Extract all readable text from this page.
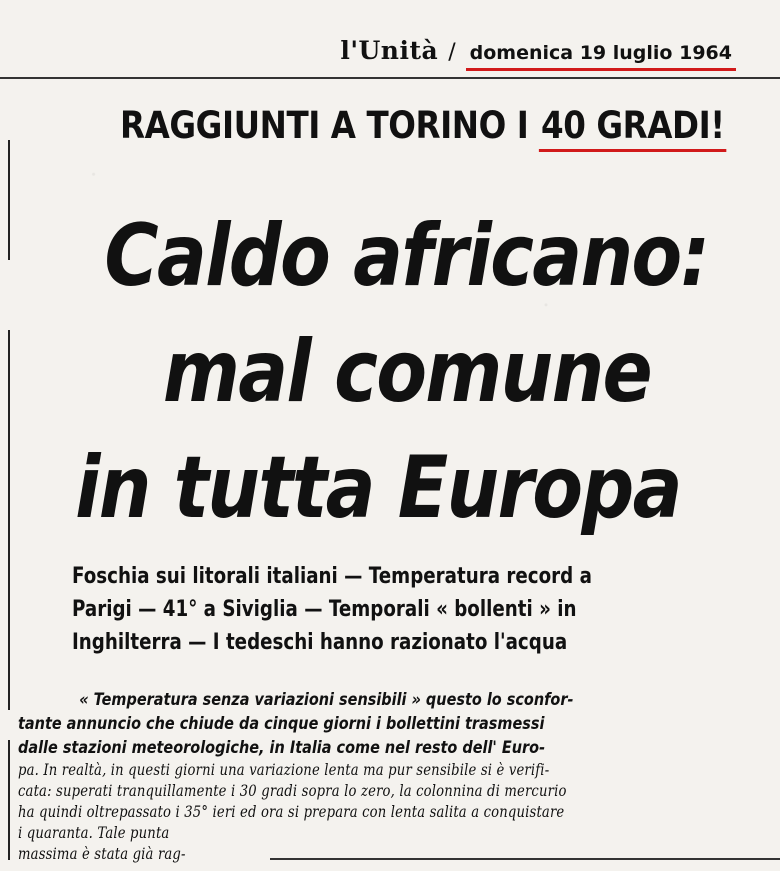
l'Unità / domenica 19 luglio 1964
RAGGIUNTI A TORINO I 40 GRADI!
Caldo africano:
mal comune
in tutta Europa
Foschia sui litorali italiani — Temperatura record a
Parigi — 41° a Siviglia — Temporali « bollenti » in
Inghilterra — I tedeschi hanno razionato l'acqua
« Temperatura senza variazioni sensibili » questo lo sconfor-
tante annuncio che chiude da cinque giorni i bollettini trasmessi
dalle stazioni meteorologiche, in Italia come nel resto dell' Euro-
pa. In realtà, in questi giorni una variazione lenta ma pur sensibile si è verifi-
cata: superati tranquillamente i 30 gradi sopra lo zero, la colonnina di mercurio
ha quindi oltrepassato i 35° ieri ed ora si prepara con lenta salita a conquistare
i quaranta. Tale punta
massima è stata già rag-
